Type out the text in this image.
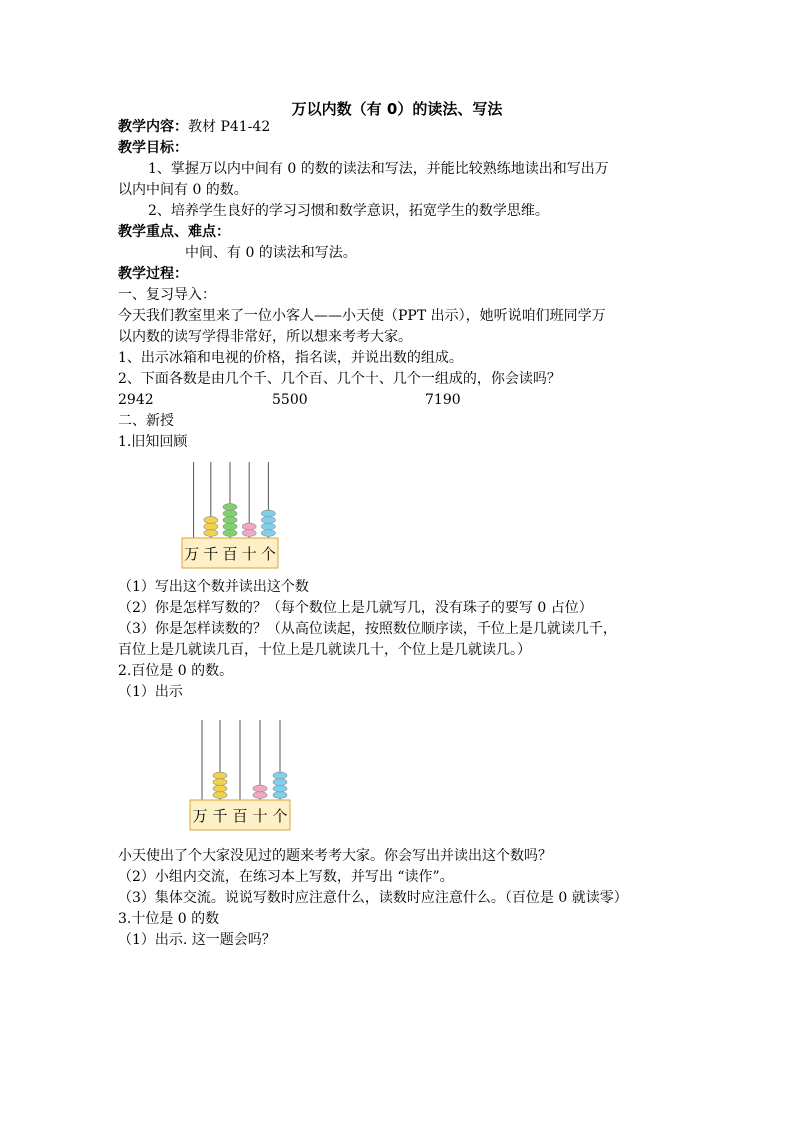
万以内数（有 0）的读法、写法
教学内容：教材 P41-42
教学目标：
1、掌握万以内中间有 0 的数的读法和写法，并能比较熟练地读出和写出万
以内中间有 0 的数。
2、培养学生良好的学习习惯和数学意识，拓宽学生的数学思维。
教学重点、难点：
中间、有 0 的读法和写法。
教学过程：
一、复习导入：
今天我们教室里来了一位小客人——小天使（PPT 出示），她听说咱们班同学万
以内数的读写学得非常好，所以想来考考大家。
1、出示冰箱和电视的价格，指名读，并说出数的组成。
2、下面各数是由几个千、几个百、几个十、几个一组成的，你会读吗？
2942	5500	7190
二、新授
1.旧知回顾
万 千 百 十 个
（1）写出这个数并读出这个数
（2）你是怎样写数的？（每个数位上是几就写几，没有珠子的要写 0 占位）
（3）你是怎样读数的？（从高位读起，按照数位顺序读，千位上是几就读几千，
百位上是几就读几百，十位上是几就读几十，个位上是几就读几。）
2.百位是 0 的数。
（1）出示
万 千 百 十 个
小天使出了个大家没见过的题来考考大家。你会写出并读出这个数吗？
（2）小组内交流，在练习本上写数，并写出 “读作”。
（3）集体交流。说说写数时应注意什么，读数时应注意什么。（百位是 0 就读零）
3.十位是 0 的数
（1）出示. 这一题会吗？
